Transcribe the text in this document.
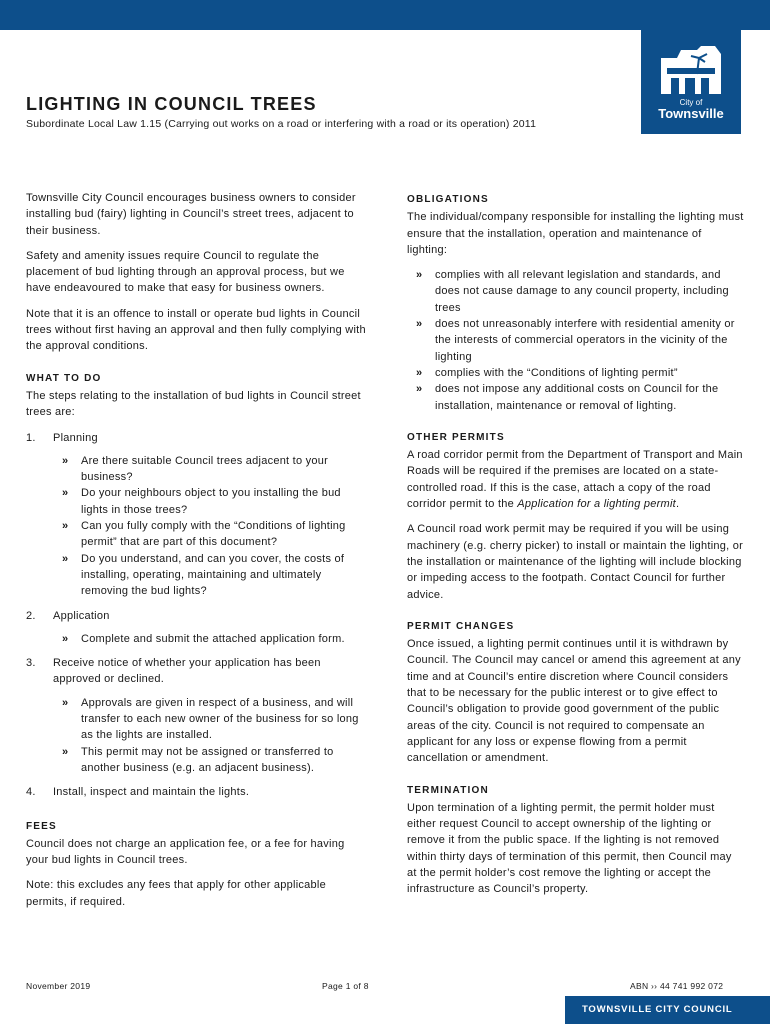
City of
Townsville
LIGHTING IN COUNCIL TREES
Subordinate Local Law 1.15 (Carrying out works on a road or interfering with a road or its operation) 2011

Townsville City Council encourages business owners to consider installing bud (fairy) lighting in Council’s street trees, adjacent to their business.

Safety and amenity issues require Council to regulate the placement of bud lighting through an approval process, but we have endeavoured to make that easy for business owners.

Note that it is an offence to install or operate bud lights in Council trees without first having an approval and then fully complying with the approval conditions.

WHAT TO DO

The steps relating to the installation of bud lights in Council street trees are:

1. Planning
» Are there suitable Council trees adjacent to your business?
» Do your neighbours object to you installing the bud lights in those trees?
» Can you fully comply with the “Conditions of lighting permit” that are part of this document?
» Do you understand, and can you cover, the costs of installing, operating, maintaining and ultimately removing the bud lights?
2. Application
» Complete and submit the attached application form.
3. Receive notice of whether your application has been approved or declined.
» Approvals are given in respect of a business, and will transfer to each new owner of the business for so long as the lights are installed.
» This permit may not be assigned or transferred to another business (e.g. an adjacent business).
4. Install, inspect and maintain the lights.
FEES

Council does not charge an application fee, or a fee for having your bud lights in Council trees.

Note: this excludes any fees that apply for other applicable permits, if required.

OBLIGATIONS

The individual/company responsible for installing the lighting must ensure that the installation, operation and maintenance of lighting:

» complies with all relevant legislation and standards, and does not cause damage to any council property, including trees
» does not unreasonably interfere with residential amenity or the interests of commercial operators in the vicinity of the lighting
» complies with the “Conditions of lighting permit”
» does not impose any additional costs on Council for the installation, maintenance or removal of lighting.
OTHER PERMITS

A road corridor permit from the Department of Transport and Main Roads will be required if the premises are located on a state-controlled road. If this is the case, attach a copy of the road corridor permit to the Application for a lighting permit.

A Council road work permit may be required if you will be using machinery (e.g. cherry picker) to install or maintain the lighting, or the installation or maintenance of the lighting will include blocking or impeding access to the footpath. Contact Council for further advice.

PERMIT CHANGES

Once issued, a lighting permit continues until it is withdrawn by Council. The Council may cancel or amend this agreement at any time and at Council’s entire discretion where Council considers that to be necessary for the public interest or to give effect to Council’s obligation to provide good government of the public areas of the city. Council is not required to compensate an applicant for any loss or expense flowing from a permit cancellation or amendment.

TERMINATION

Upon termination of a lighting permit, the permit holder must either request Council to accept ownership of the lighting or remove it from the public space. If the lighting is not removed within thirty days of termination of this permit, then Council may at the permit holder’s cost remove the lighting or accept the infrastructure as Council’s property.

November 2019	Page 1 of 8	ABN ›› 44 741 992 072
TOWNSVILLE CITY COUNCIL
